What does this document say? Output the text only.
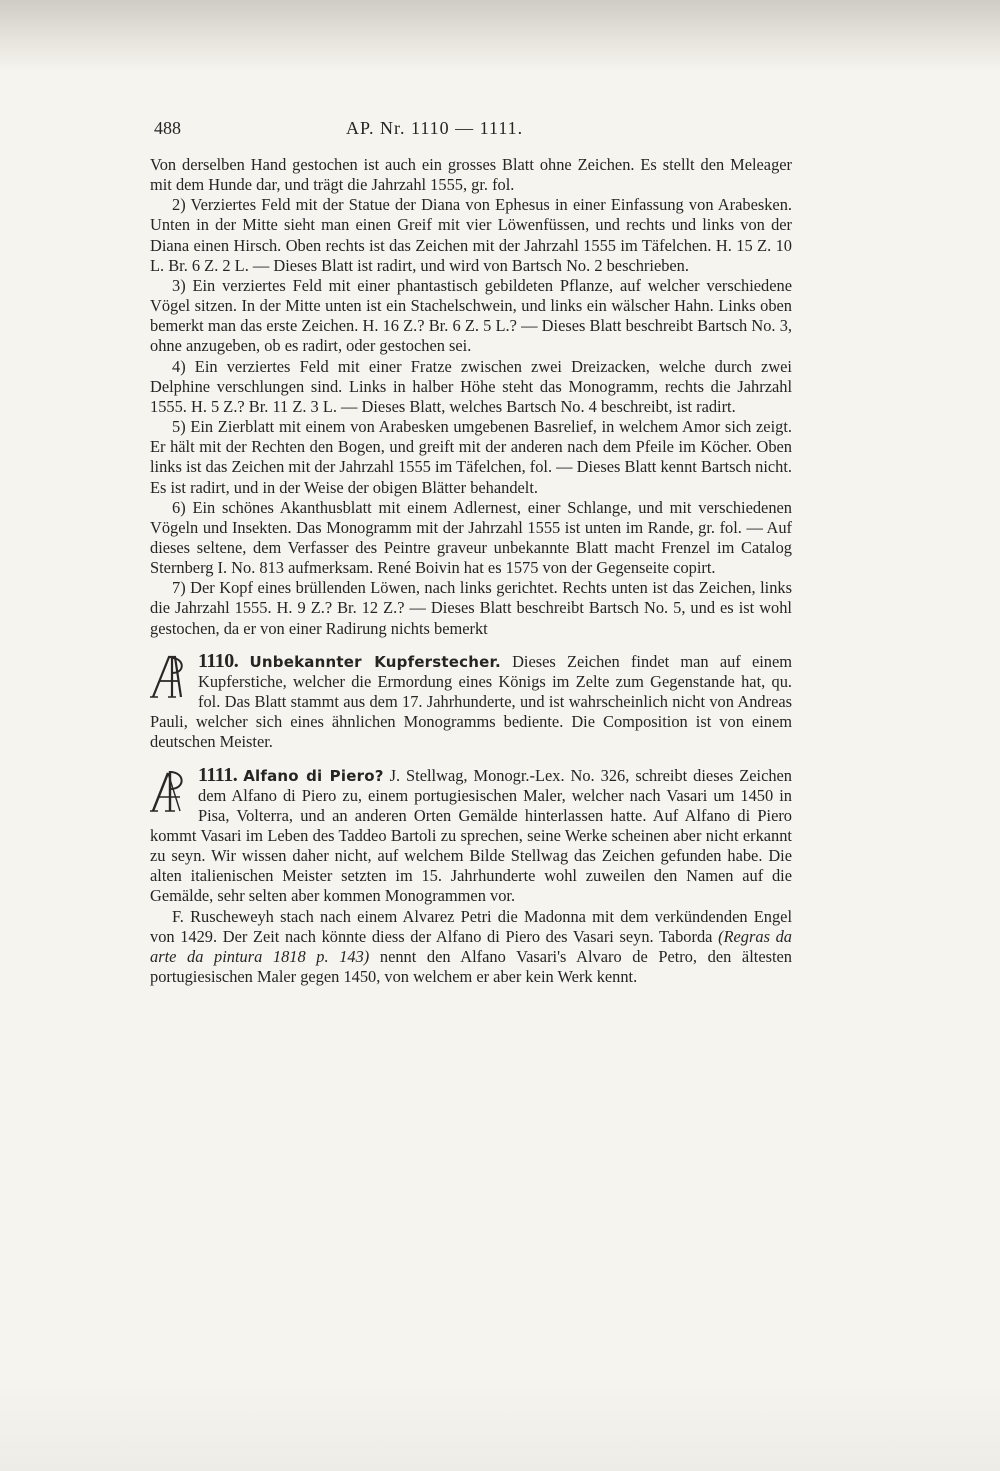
488	AP. Nr. 1110 — 1111.

Von derselben Hand gestochen ist auch ein grosses Blatt ohne Zeichen. Es stellt den Meleager mit dem Hunde dar, und trägt die Jahrzahl 1555, gr. fol.

2) Verziertes Feld mit der Statue der Diana von Ephesus in einer Einfassung von Arabesken. Unten in der Mitte sieht man einen Greif mit vier Löwenfüssen, und rechts und links von der Diana einen Hirsch. Oben rechts ist das Zeichen mit der Jahrzahl 1555 im Täfelchen. H. 15 Z. 10 L. Br. 6 Z. 2 L. — Dieses Blatt ist radirt, und wird von Bartsch No. 2 beschrieben.

3) Ein verziertes Feld mit einer phantastisch gebildeten Pflanze, auf welcher verschiedene Vögel sitzen. In der Mitte unten ist ein Stachelschwein, und links ein wälscher Hahn. Links oben bemerkt man das erste Zeichen. H. 16 Z.? Br. 6 Z. 5 L.? — Dieses Blatt beschreibt Bartsch No. 3, ohne anzugeben, ob es radirt, oder gestochen sei.

4) Ein verziertes Feld mit einer Fratze zwischen zwei Dreizacken, welche durch zwei Delphine verschlungen sind. Links in halber Höhe steht das Monogramm, rechts die Jahrzahl 1555. H. 5 Z.? Br. 11 Z. 3 L. — Dieses Blatt, welches Bartsch No. 4 beschreibt, ist radirt.

5) Ein Zierblatt mit einem von Arabesken umgebenen Basrelief, in welchem Amor sich zeigt. Er hält mit der Rechten den Bogen, und greift mit der anderen nach dem Pfeile im Köcher. Oben links ist das Zeichen mit der Jahrzahl 1555 im Täfelchen, fol. — Dieses Blatt kennt Bartsch nicht. Es ist radirt, und in der Weise der obigen Blätter behandelt.

6) Ein schönes Akanthusblatt mit einem Adlernest, einer Schlange, und mit verschiedenen Vögeln und Insekten. Das Monogramm mit der Jahrzahl 1555 ist unten im Rande, gr. fol. — Auf dieses seltene, dem Verfasser des Peintre graveur unbekannte Blatt macht Frenzel im Catalog Sternberg I. No. 813 aufmerksam. René Boivin hat es 1575 von der Gegenseite copirt.

7) Der Kopf eines brüllenden Löwen, nach links gerichtet. Rechts unten ist das Zeichen, links die Jahrzahl 1555. H. 9 Z.? Br. 12 Z.? — Dieses Blatt beschreibt Bartsch No. 5, und es ist wohl gestochen, da er von einer Radirung nichts bemerkt

1110. Unbekannter Kupferstecher. Dieses Zeichen findet man auf einem Kupferstiche, welcher die Ermordung eines Königs im Zelte zum Gegenstande hat, qu. fol. Das Blatt stammt aus dem 17. Jahrhunderte, und ist wahrscheinlich nicht von Andreas Pauli, welcher sich eines ähnlichen Monogramms bediente. Die Composition ist von einem deutschen Meister.
1111. Alfano di Piero? J. Stellwag, Monogr.-Lex. No. 326, schreibt dieses Zeichen dem Alfano di Piero zu, einem portugiesischen Maler, welcher nach Vasari um 1450 in Pisa, Volterra, und an anderen Orten Gemälde hinterlassen hatte. Auf Alfano di Piero kommt Vasari im Leben des Taddeo Bartoli zu sprechen, seine Werke scheinen aber nicht erkannt zu seyn. Wir wissen daher nicht, auf welchem Bilde Stellwag das Zeichen gefunden habe. Die alten italienischen Meister setzten im 15. Jahrhunderte wohl zuweilen den Namen auf die Gemälde, sehr selten aber kommen Monogrammen vor.

F. Ruscheweyh stach nach einem Alvarez Petri die Madonna mit dem verkündenden Engel von 1429. Der Zeit nach könnte diess der Alfano di Piero des Vasari seyn. Taborda (Regras da arte da pintura 1818 p. 143) nennt den Alfano Vasari's Alvaro de Petro, den ältesten portugiesischen Maler gegen 1450, von welchem er aber kein Werk kennt.
